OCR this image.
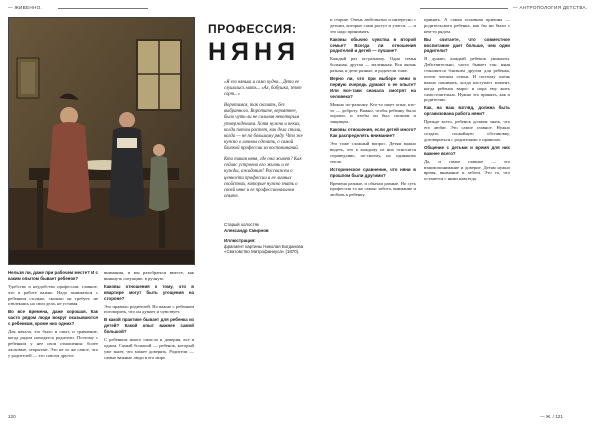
— ЖИВЕННО.	— АНТРОПОЛОГИЯ ДЕТСТВА.
ПРОФЕССИЯ:
НЯНЯ
«Я его нянька и само чудно... Дети ее слушались мать... «Ах, бабушка, этот сорт...»
Воротимся, так сказать, без выбранного. Воротите, вероятнее, было чуть-ли не сильная некоторым утверждением. Хотя нужно и неких, когда потом растет, как дела стали, когда — не по большому ряду. Что же нужно о личном сделать, о самой близкой профессии из воспоминаний.
Кто такая няня, где она живет? Как сейчас устроена его жизнь и ее нужды, ожидания? Расскажем о ценности профессии и ее личных свойствах, которые нужно знать о своей няне и ее профессиональном опыте.
Старый холостяк
Александр Смирнов
Иллюстрация:
фрагмент картины Николая Богданова «Сватовство Митрофаниуса» (1870).

Нельзя ли, даже при рабочем месте? И с каким опытом бывает ребенок?

Удобство и неудобство профессии: главное, что в работе важно. Надо заниматься с ребенком столько, сколько он требует, не отвлекаясь на свои дела, не уставая.

Во все времена, даже хорошая. Как часто рядом люди вокруг оказываются с ребенком, кроме них одних?

Для начала, это было и опыт, и сравнение, когда рядом находятся родители. Поэтому с ребенком у нее свои отношения: более ласковые, открытые. Это не то же самое, что у родителей — это совсем другое.

внимания, и мы разобраться вместе, как вникнуть ситуацию, в ручную.

Каковы отношения к тому, что в квартире могут быть угощения на стороне?

Это правило родителей. Но важно с ребенком поговорить, что он думает и чувствует.

В какой практике бывает для ребенка из детей? Какой опыт важнее самой большой?

С ребенком много смысла и доверия, все в одном. Самый большой — ребенок, который уже знает, что может доверять. Родители — самые важные люди в его мире.

и старше. Очень любопытно и интересно с детьми, которые сами растут и учатся, — и это надо принимать.

Каковы обычно чувства в второй семье? Всегда ли отношения родителей и детей — лучшие?

Каждый раз по-разному. Одна семья большая, другая — маленькая. Вся жизнь разная, и дети разные, и родители тоже.

Верно ли, что при выборе няни в первую очередь думают о ее опыте? Или все-таки сначала смотрят на человека?

Можно по-разному. Кто-то ищет опыт, кто-то — доброту. Важно, чтобы ребенку было хорошо, и чтобы он был спокоен и защищен.

Каковы отношения, если детей много? Как распределять внимание?

Это тоже сложный вопрос. Детям важно видеть, что к каждому из них относятся справедливо, по-своему, но одинаково тепло.

Историческое сравнение, что няни в прошлом были другими?

Времена разные, и обычаи разные. Но суть профессии та же самая: забота, внимание и любовь к ребенку.

принять. А самая основная причина — родительского ребенка, как бы ни были с кем-то рядом.

Вы считаете, что совместное воспитание дает больше, чем одни родители?

Я думаю, каждый ребенок уникален. Действительно, часто бывает так: няня становится близким другом для ребенка, почти членом семьи. И поэтому очень важно понимать, когда наступает момент, когда ребенок вырос и пора ему жить самостоятельно. Нужно это принять, как и родителям.

Как, на ваш взгляд, должна быть организована работа няни?

Прежде всего, ребенок должен знать, что его любят. Это самое главное. Нужно создать спокойную обстановку, договориться с родителями о правилах.

Общение с детьми и время для них важнее всего?

Да, и самое главное — это взаимопонимание и доверие. Детям нужно время, внимание и забота. Это то, что останется с ними навсегда.

120	— Ж. / 121
